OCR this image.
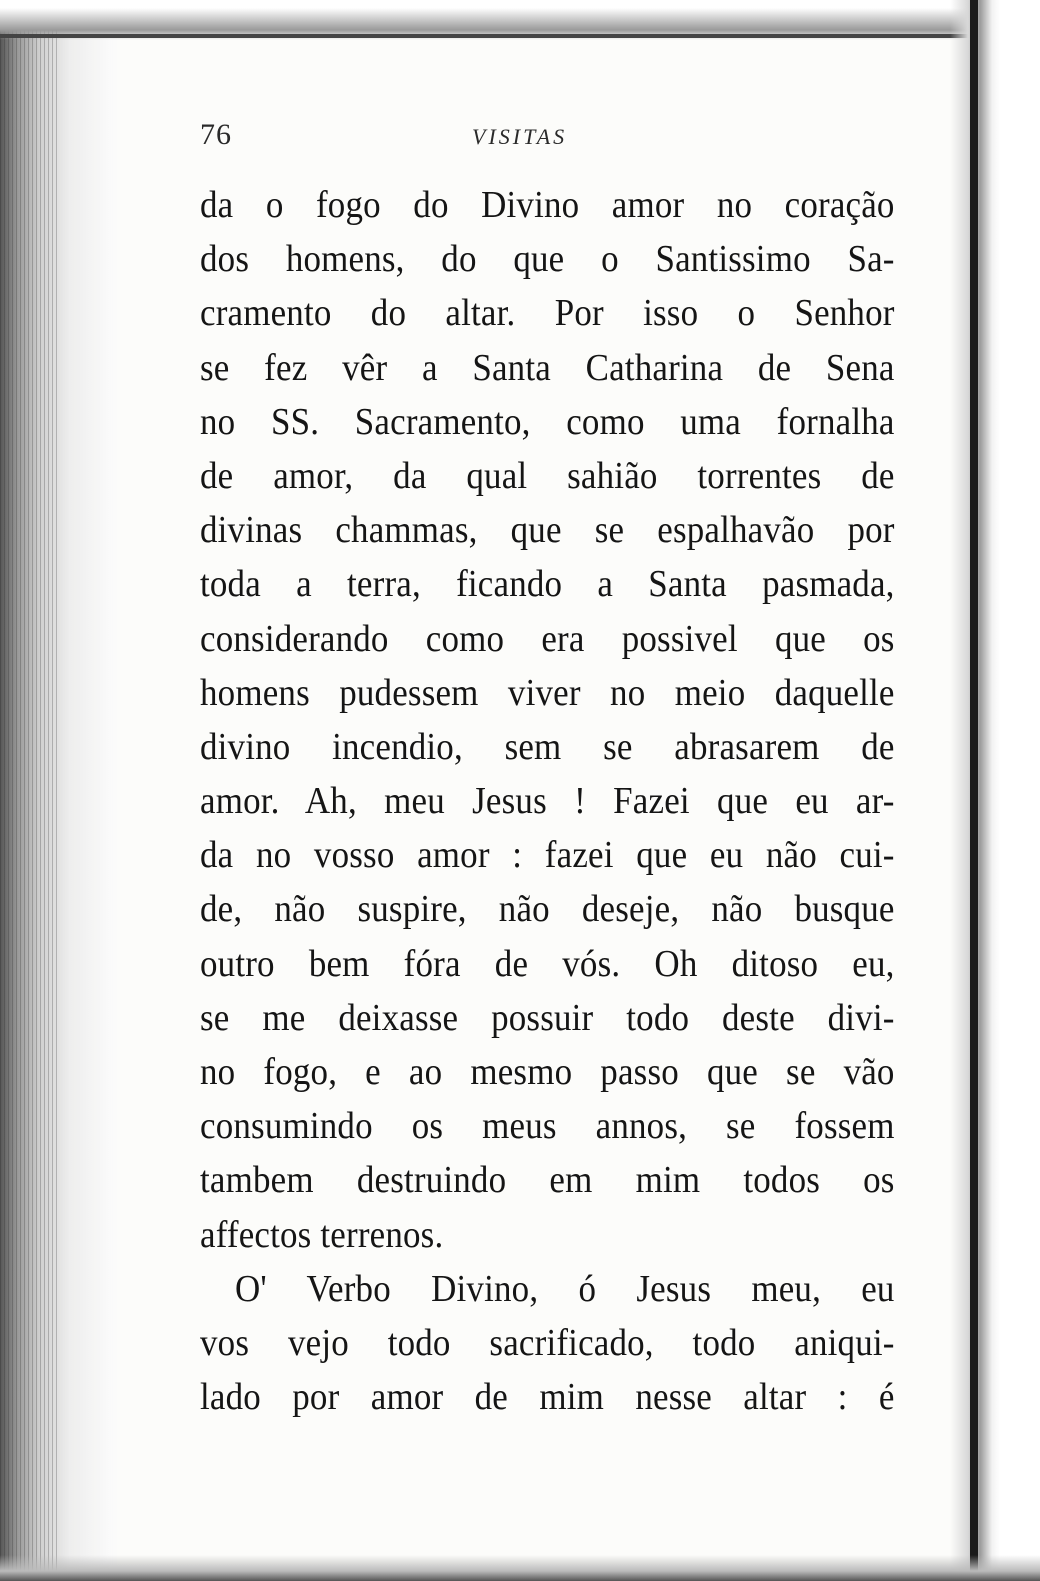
76	VISITAS
da o fogo do Divino amor no coração
dos homens, do que o Santissimo Sa-
cramento do altar. Por isso o Senhor
se fez vêr a Santa Catharina de Sena
no SS. Sacramento, como uma fornalha
de amor, da qual sahião torrentes de
divinas chammas, que se espalhavão por
toda a terra, ficando a Santa pasmada,
considerando como era possivel que os
homens pudessem viver no meio daquelle
divino incendio, sem se abrasarem de
amor. Ah, meu Jesus ! Fazei que eu ar-
da no vosso amor : fazei que eu não cui-
de, não suspire, não deseje, não busque
outro bem fóra de vós. Oh ditoso eu,
se me deixasse possuir todo deste divi-
no fogo, e ao mesmo passo que se vão
consumindo os meus annos, se fossem
tambem destruindo em mim todos os
affectos terrenos.
O' Verbo Divino, ó Jesus meu, eu
vos vejo todo sacrificado, todo aniqui-
lado por amor de mim nesse altar : é
